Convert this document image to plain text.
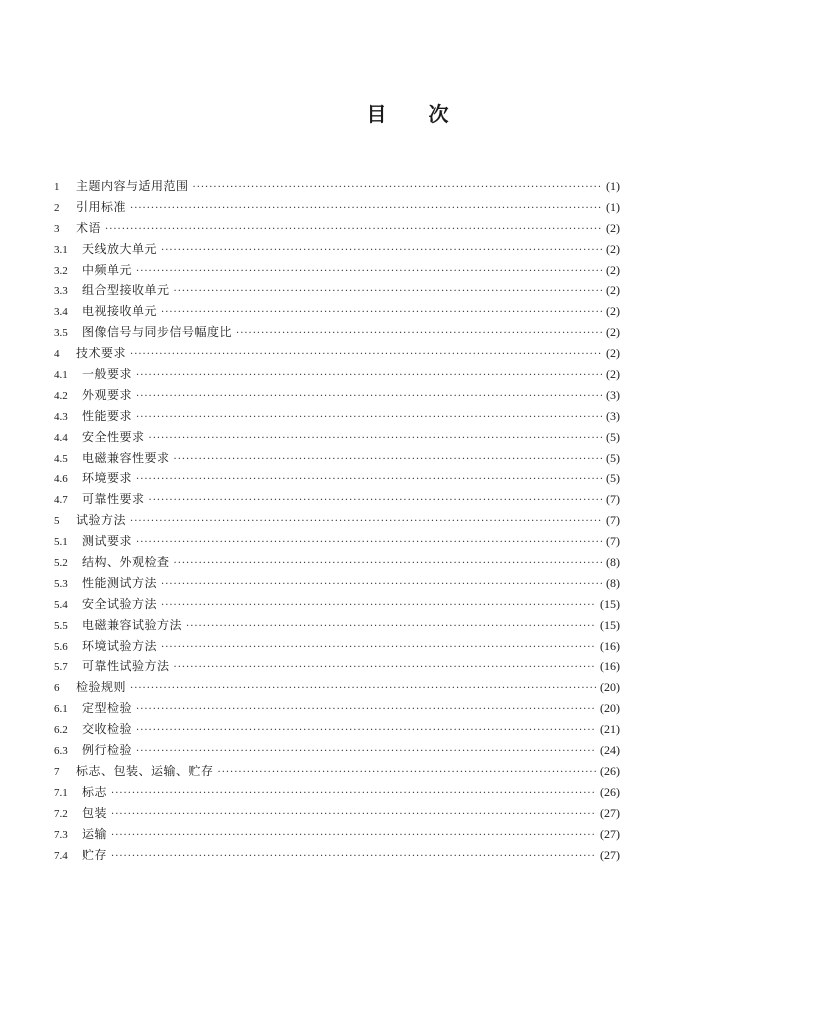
目 次
1	主题内容与适用范围 ·····	(1)
2	引用标准 ·····	(1)
3	术语 ·····	(2)
3.1	天线放大单元 ·····	(2)
3.2	中频单元 ·····	(2)
3.3	组合型接收单元 ·····	(2)
3.4	电视接收单元 ·····	(2)
3.5	图像信号与同步信号幅度比 ·····	(2)
4	技术要求 ·····	(2)
4.1	一般要求 ·····	(2)
4.2	外观要求 ·····	(3)
4.3	性能要求 ·····	(3)
4.4	安全性要求 ·····	(5)
4.5	电磁兼容性要求 ·····	(5)
4.6	环境要求 ·····	(5)
4.7	可靠性要求 ·····	(7)
5	试验方法 ·····	(7)
5.1	测试要求 ·····	(7)
5.2	结构、外观检查 ·····	(8)
5.3	性能测试方法 ·····	(8)
5.4	安全试验方法 ·····	(15)
5.5	电磁兼容试验方法 ·····	(15)
5.6	环境试验方法 ·····	(16)
5.7	可靠性试验方法 ·····	(16)
6	检验规则 ·····	(20)
6.1	定型检验 ·····	(20)
6.2	交收检验 ·····	(21)
6.3	例行检验 ·····	(24)
7	标志、包装、运输、贮存 ·····	(26)
7.1	标志 ·····	(26)
7.2	包装 ·····	(27)
7.3	运输 ·····	(27)
7.4	贮存 ·····	(27)
